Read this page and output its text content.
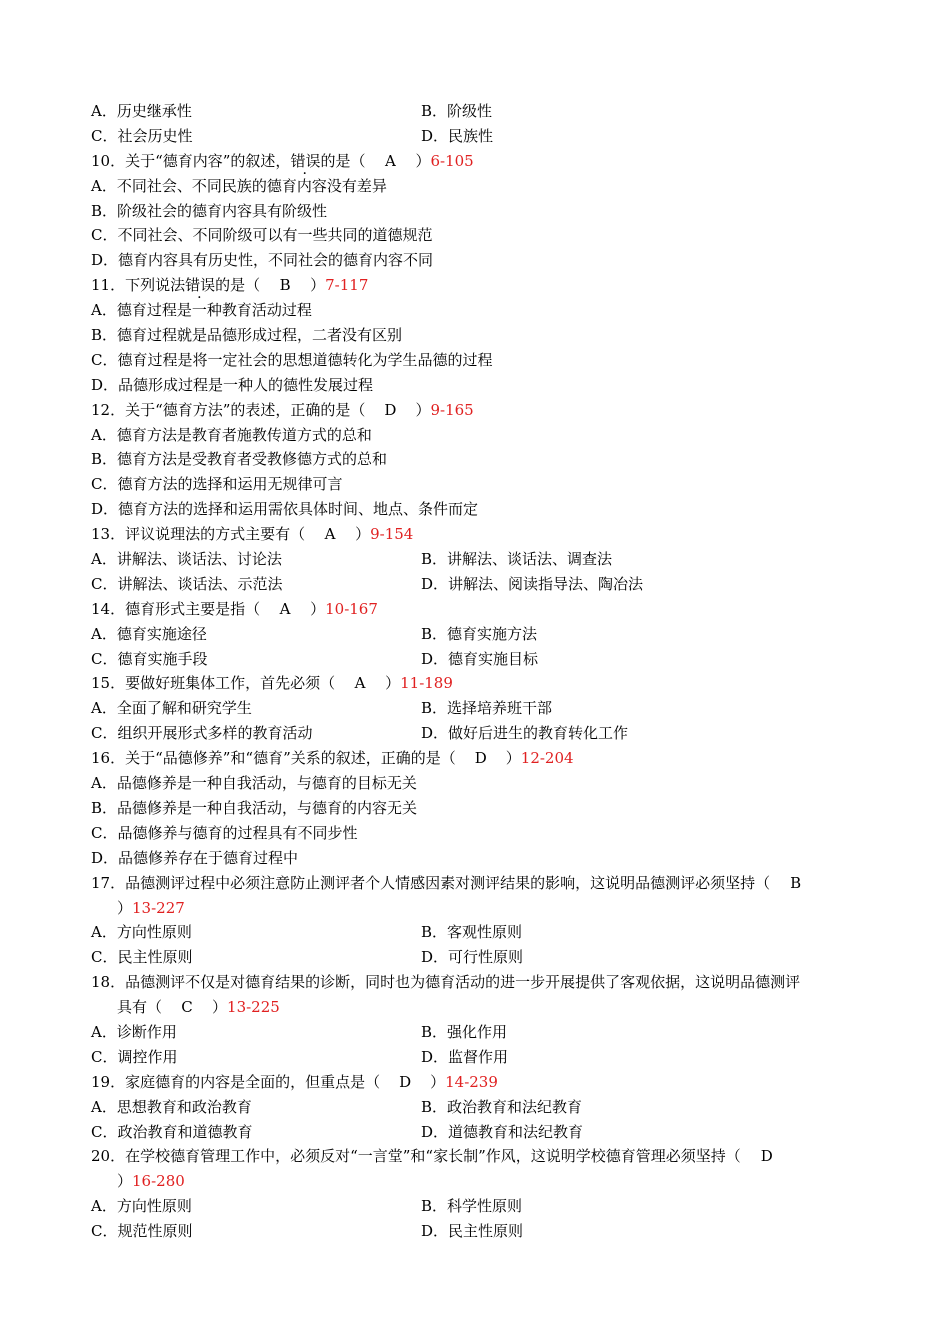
A．历史继承性	B．阶级性
C．社会历史性	D．民族性
10．关于“德育内容”的叙述，错误的是（ A ）6-105
A．不同社会、不同民族的德育内容没有差异
B．阶级社会的德育内容具有阶级性
C．不同社会、不同阶级可以有一些共同的道德规范
D．德育内容具有历史性，不同社会的德育内容不同
11．下列说法错误的是（ B ）7-117
A．德育过程是一种教育活动过程
B．德育过程就是品德形成过程，二者没有区别
C．德育过程是将一定社会的思想道德转化为学生品德的过程
D．品德形成过程是一种人的德性发展过程
12．关于“德育方法”的表述，正确的是（ D ）9-165
A．德育方法是教育者施教传道方式的总和
B．德育方法是受教育者受教修德方式的总和
C．德育方法的选择和运用无规律可言
D．德育方法的选择和运用需依具体时间、地点、条件而定
13．评议说理法的方式主要有（ A ）9-154
A．讲解法、谈话法、讨论法	B．讲解法、谈话法、调查法
C．讲解法、谈话法、示范法	D．讲解法、阅读指导法、陶冶法
14．德育形式主要是指（ A ）10-167
A．德育实施途径	B．德育实施方法
C．德育实施手段	D．德育实施目标
15．要做好班集体工作，首先必须（ A ）11-189
A．全面了解和研究学生	B．选择培养班干部
C．组织开展形式多样的教育活动	D．做好后进生的教育转化工作
16．关于“品德修养”和“德育”关系的叙述，正确的是（ D ）12-204
A．品德修养是一种自我活动，与德育的目标无关
B．品德修养是一种自我活动，与德育的内容无关
C．品德修养与德育的过程具有不同步性
D．品德修养存在于德育过程中
17．品德测评过程中必须注意防止测评者个人情感因素对测评结果的影响，这说明品德测评必须坚持（ B
）13-227
A．方向性原则	B．客观性原则
C．民主性原则	D．可行性原则
18．品德测评不仅是对德育结果的诊断，同时也为德育活动的进一步开展提供了客观依据，这说明品德测评
具有（ C ）13-225
A．诊断作用	B．强化作用
C．调控作用	D．监督作用
19．家庭德育的内容是全面的，但重点是（ D ）14-239
A．思想教育和政治教育	B．政治教育和法纪教育
C．政治教育和道德教育	D．道德教育和法纪教育
20．在学校德育管理工作中，必须反对“一言堂”和“家长制”作风，这说明学校德育管理必须坚持（ D
）16-280
A．方向性原则	B．科学性原则
C．规范性原则	D．民主性原则
